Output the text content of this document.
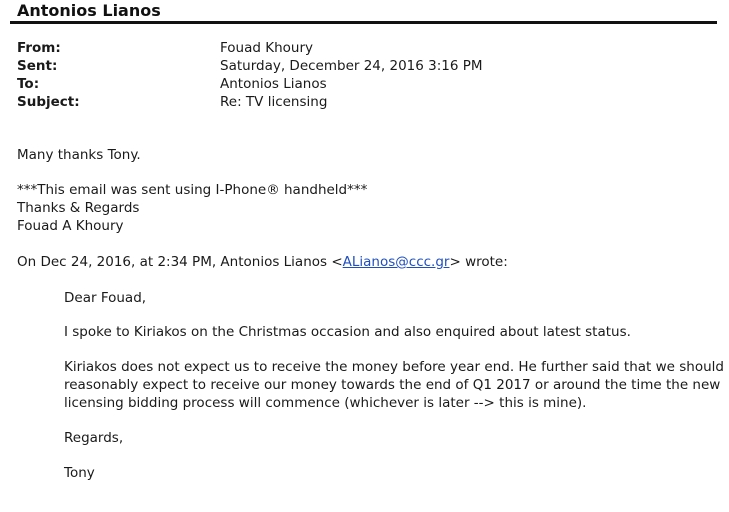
Antonios Lianos
From:	Fouad Khoury
Sent:	Saturday, December 24, 2016 3:16 PM
To:	Antonios Lianos
Subject:	Re: TV licensing
Many thanks Tony.
***This email was sent using I-Phone® handheld***
Thanks & Regards
Fouad A Khoury
On Dec 24, 2016, at 2:34 PM, Antonios Lianos <ALianos@ccc.gr> wrote:
Dear Fouad,
I spoke to Kiriakos on the Christmas occasion and also enquired about latest status.
Kiriakos does not expect us to receive the money before year end. He further said that we should
reasonably expect to receive our money towards the end of Q1 2017 or around the time the new
licensing bidding process will commence (whichever is later --> this is mine).
Regards,
Tony
